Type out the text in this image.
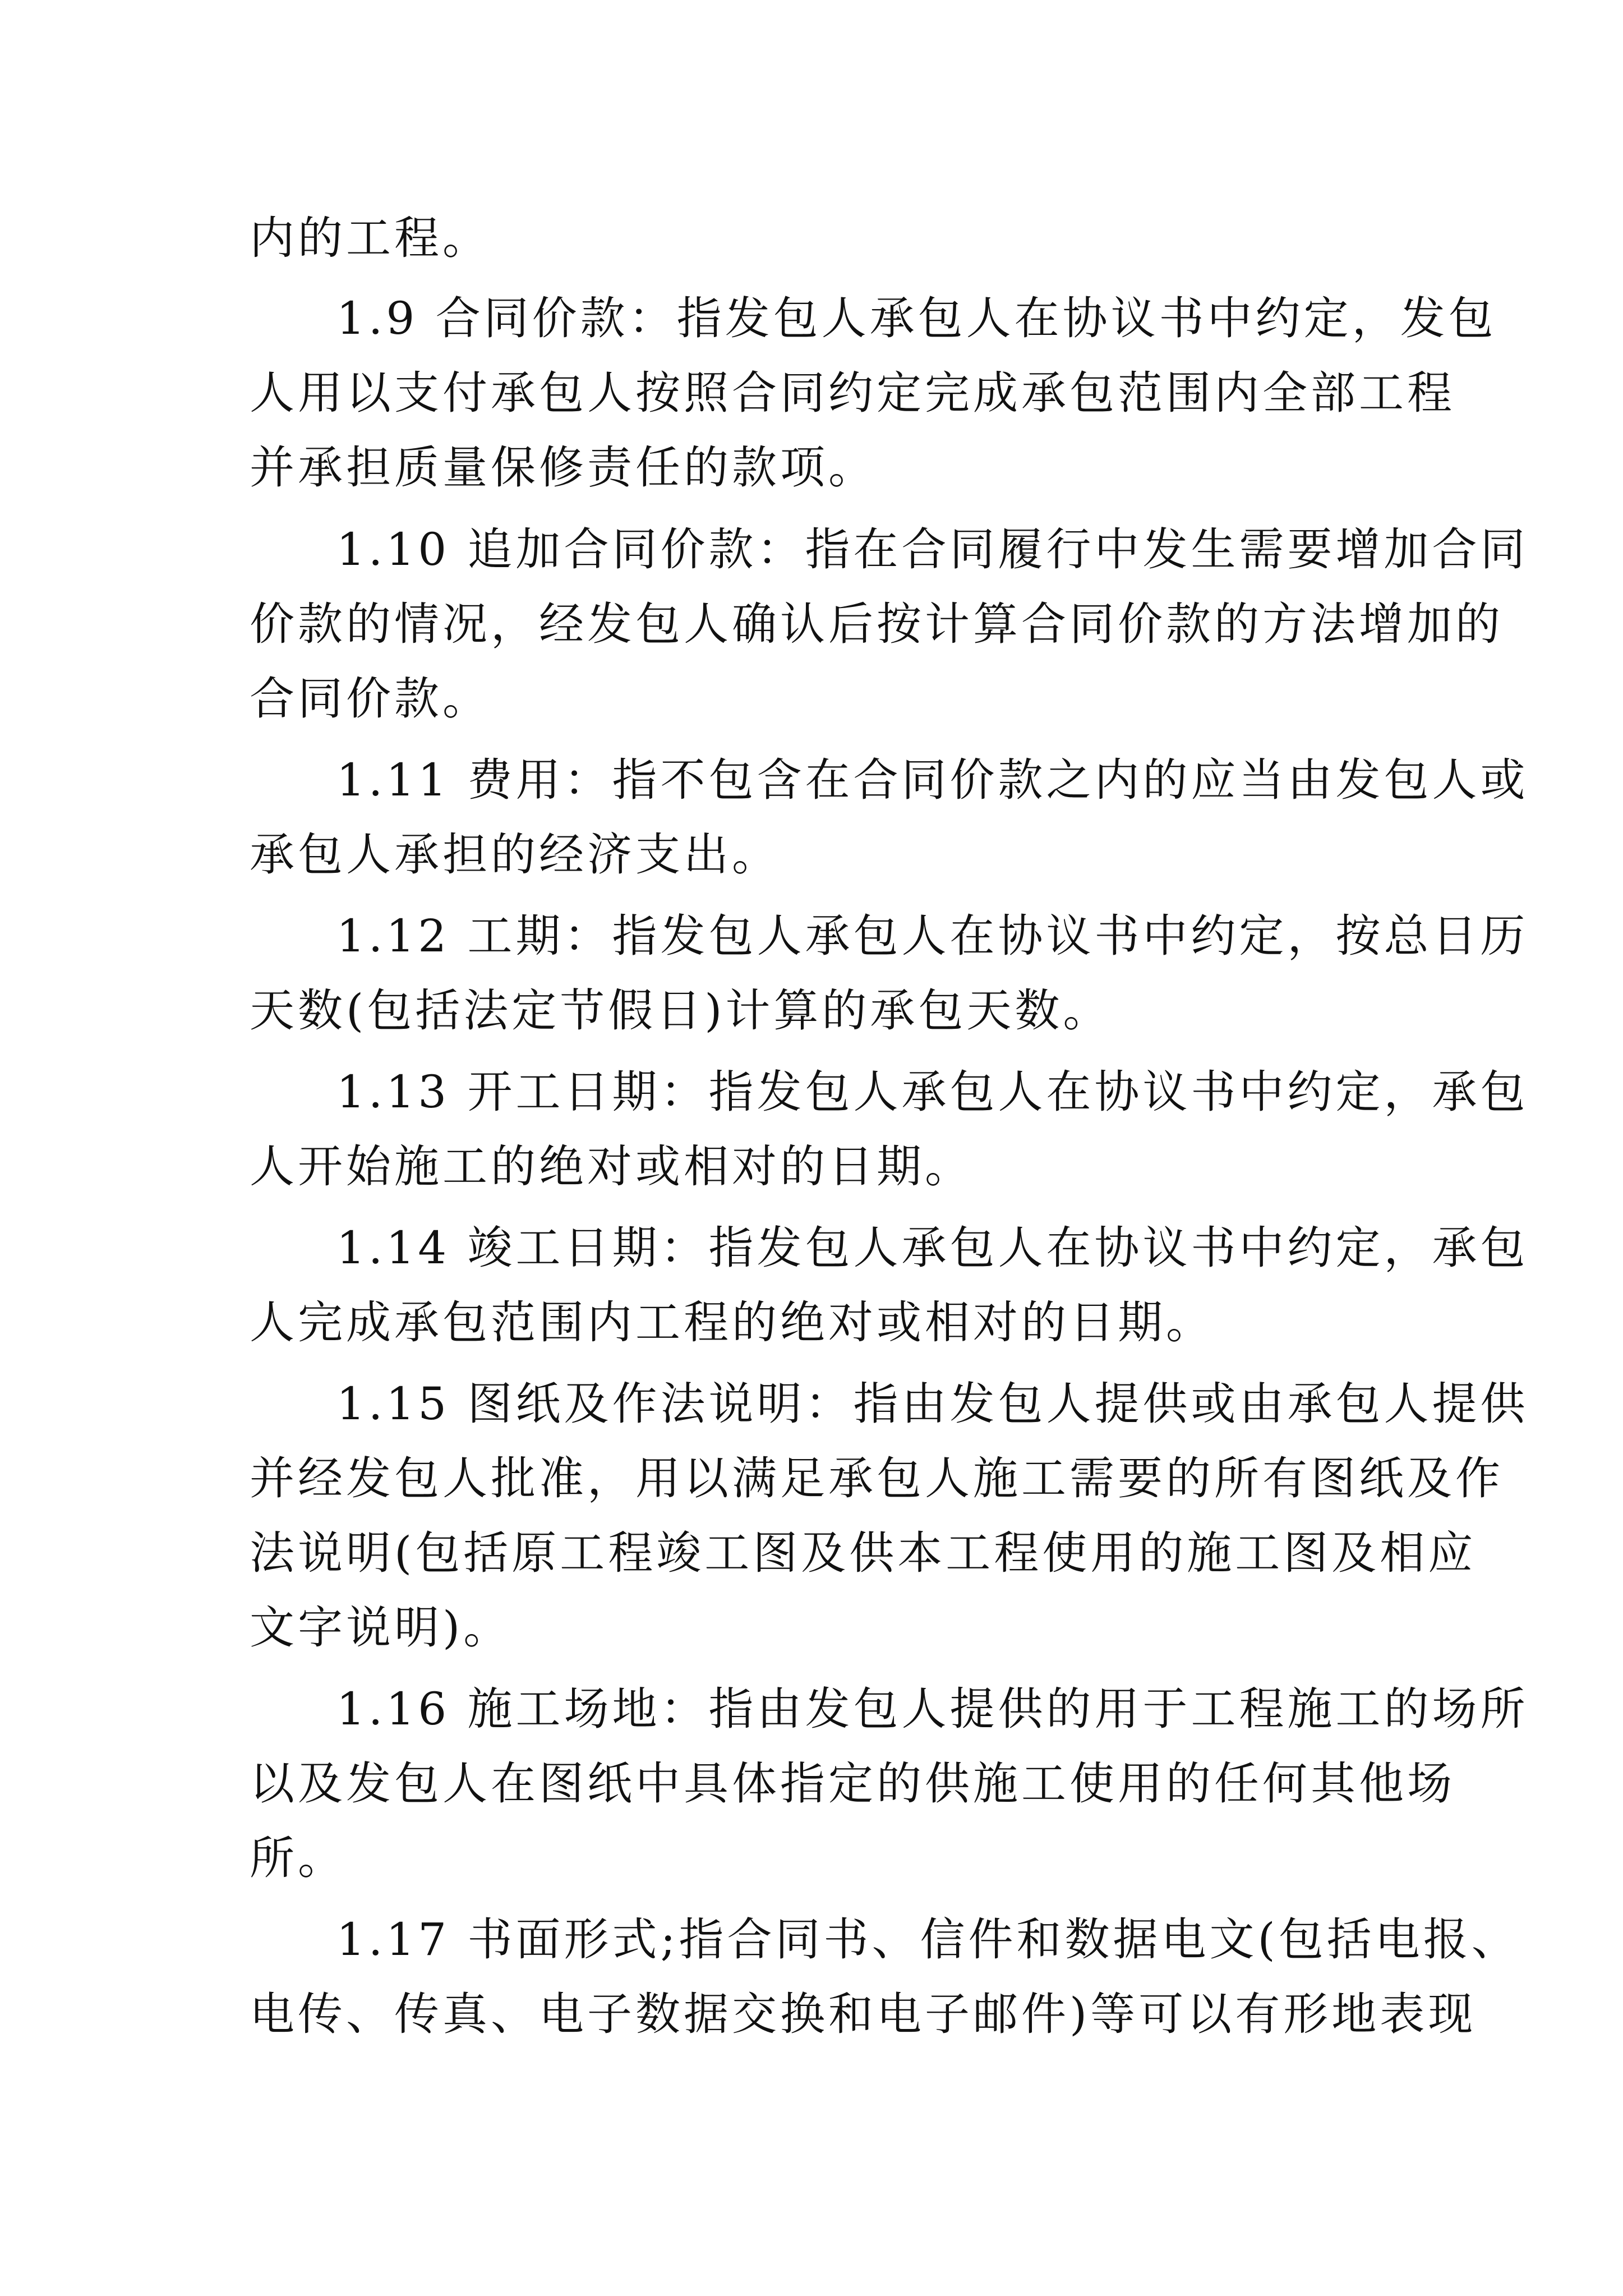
内的工程。
1.9 合同价款：指发包人承包人在协议书中约定，发包
人用以支付承包人按照合同约定完成承包范围内全部工程
并承担质量保修责任的款项。
1.10 追加合同价款：指在合同履行中发生需要增加合同
价款的情况，经发包人确认后按计算合同价款的方法增加的
合同价款。
1.11 费用：指不包含在合同价款之内的应当由发包人或
承包人承担的经济支出。
1.12 工期：指发包人承包人在协议书中约定，按总日历
天数(包括法定节假日)计算的承包天数。
1.13 开工日期：指发包人承包人在协议书中约定，承包
人开始施工的绝对或相对的日期。
1.14 竣工日期：指发包人承包人在协议书中约定，承包
人完成承包范围内工程的绝对或相对的日期。
1.15 图纸及作法说明：指由发包人提供或由承包人提供
并经发包人批准，用以满足承包人施工需要的所有图纸及作
法说明(包括原工程竣工图及供本工程使用的施工图及相应
文字说明)。
1.16 施工场地：指由发包人提供的用于工程施工的场所
以及发包人在图纸中具体指定的供施工使用的任何其他场
所。
1.17 书面形式;指合同书、信件和数据电文(包括电报、
电传、传真、电子数据交换和电子邮件)等可以有形地表现
